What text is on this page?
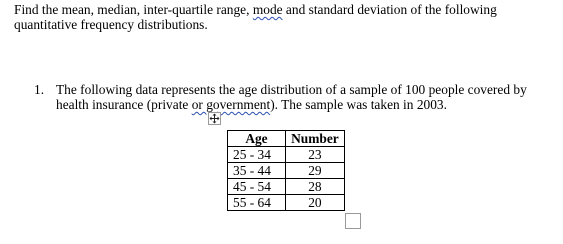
Find the mean, median, inter-quartile range, mode and standard deviation of the following
quantitative frequency distributions.
1. The following data represents the age distribution of a sample of 100 people covered by
health insurance (private or government). The sample was taken in 2003.
Age	Number
25 - 34	23
35 - 44	29
45 - 54	28
55 - 64	20
